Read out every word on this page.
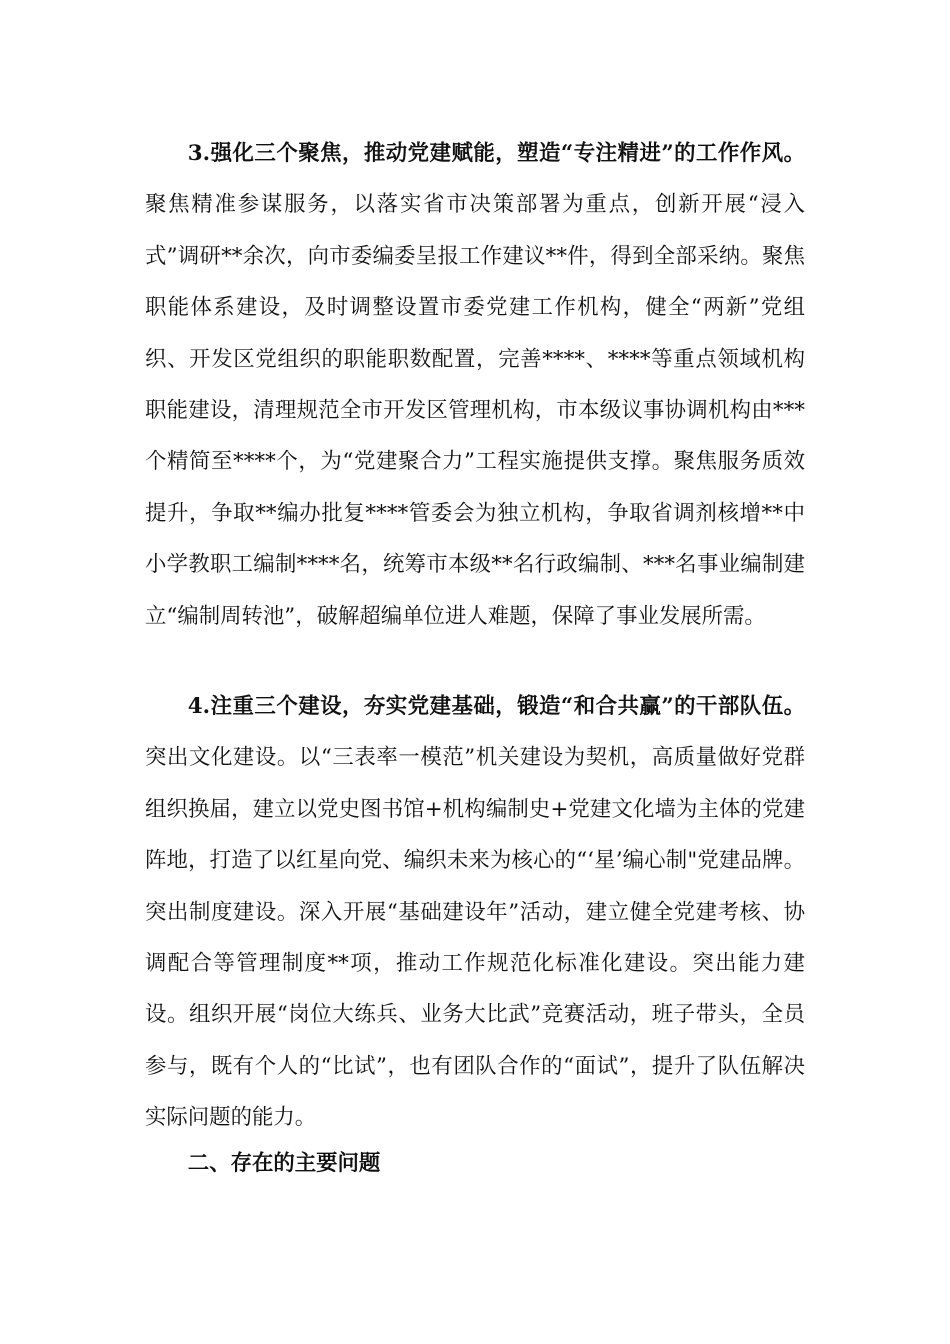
3.强化三个聚焦，推动党建赋能，塑造“专注精进”的工作作风。聚焦精准参谋服务，以落实省市决策部署为重点，创新开展“浸入式”调研**余次，向市委编委呈报工作建议**件，得到全部采纳。聚焦职能体系建设，及时调整设置市委党建工作机构，健全“两新”党组织、开发区党组织的职能职数配置，完善****、****等重点领域机构职能建设，清理规范全市开发区管理机构，市本级议事协调机构由***个精简至****个，为“党建聚合力”工程实施提供支撑。聚焦服务质效提升，争取**编办批复****管委会为独立机构，争取省调剂核增**中小学教职工编制****名，统筹市本级**名行政编制、***名事业编制建立“编制周转池”，破解超编单位进人难题，保障了事业发展所需。

4.注重三个建设，夯实党建基础，锻造“和合共赢”的干部队伍。突出文化建设。以“三表率一模范”机关建设为契机，高质量做好党群组织换届，建立以党史图书馆+机构编制史+党建文化墙为主体的党建阵地，打造了以红星向党、编织未来为核心的“‘星’编心制"党建品牌。突出制度建设。深入开展“基础建设年”活动，建立健全党建考核、协调配合等管理制度**项，推动工作规范化标准化建设。突出能力建设。组织开展“岗位大练兵、业务大比武”竞赛活动，班子带头，全员参与，既有个人的“比试”，也有团队合作的“面试”，提升了队伍解决实际问题的能力。

二、存在的主要问题
